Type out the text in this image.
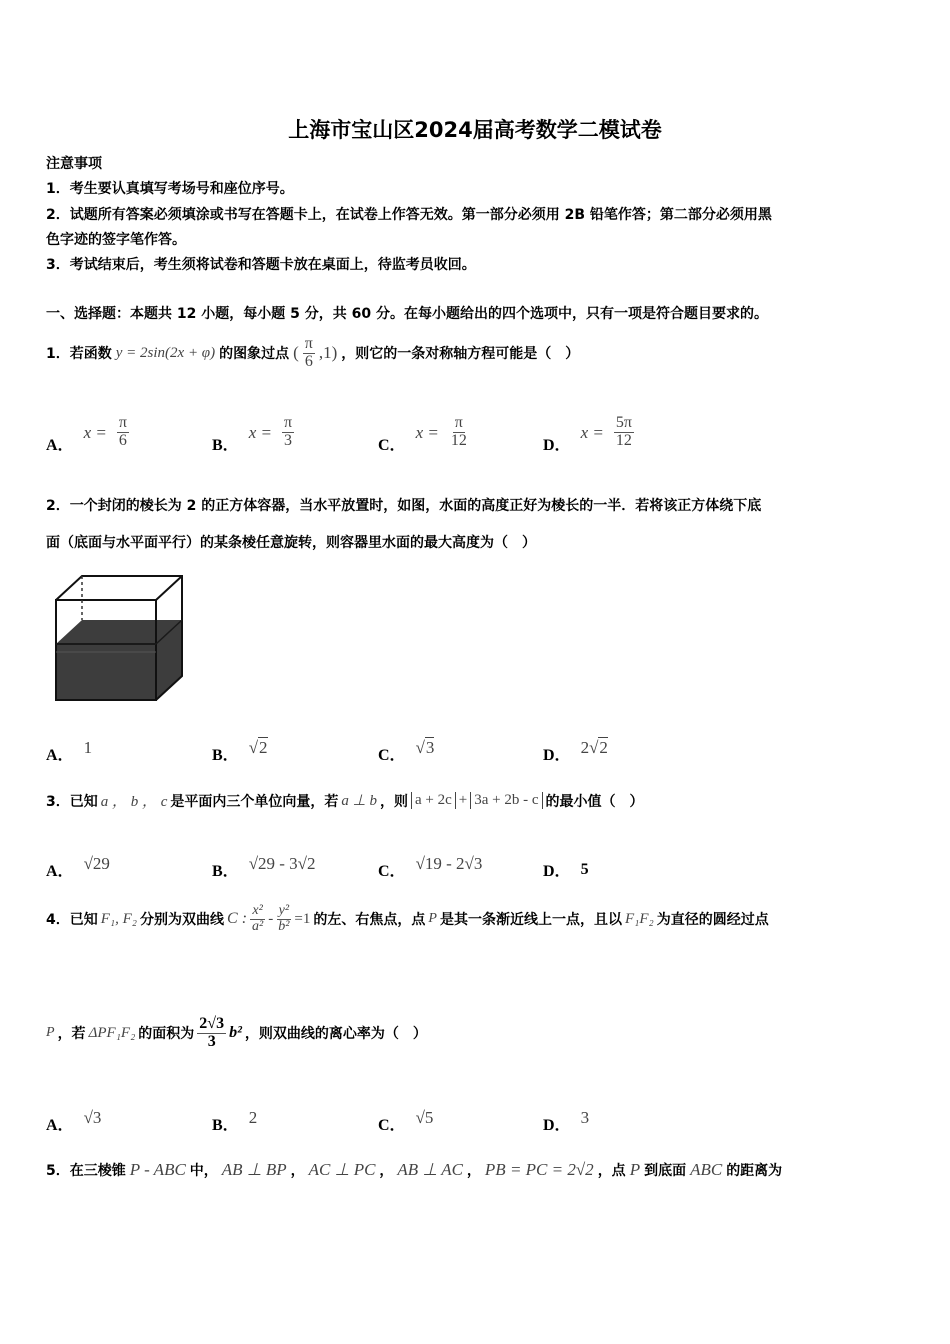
上海市宝山区2024届高考数学二模试卷
注意事项
1．考生要认真填写考场号和座位序号。
2．试题所有答案必须填涂或书写在答题卡上，在试卷上作答无效。第一部分必须用 2B 铅笔作答；第二部分必须用黑
色字迹的签字笔作答。
3．考试结束后，考生须将试卷和答题卡放在桌面上，待监考员收回。
一、选择题：本题共 12 小题，每小题 5 分，共 60 分。在每小题给出的四个选项中，只有一项是符合题目要求的。
1．若函数 y = 2sin(2x + φ) 的图象过点 ( $\frac{\pi}{6} ,1$) ，则它的一条对称轴方程可能是（　）
A．
$x = \frac{\pi}{6}$	B．
$x = \frac{\pi}{3}$	C．
$x = \frac{\pi}{12}$	D．
$x = \frac{5\pi}{12}$
2．一个封闭的棱长为 2 的正方体容器，当水平放置时，如图，水面的高度正好为棱长的一半．若将该正方体绕下底
面（底面与水平面平行）的某条棱任意旋转，则容器里水面的最大高度为（　）
A． 1	B． √2	C． √3	D． 2√2
3．已知 a ， b ， c 是平面内三个单位向量，若 a ⊥ b ，则 a + 2c + 3a + 2b - c 的最小值（　）
A． √29	B． √29 - 3√2	C． √19 - 2√3	D． 5
4．已知 F₁, F₂ 分别为双曲线 C : $\frac{\text{x²}}{\text{a²}} - \frac{\text{y²}}{\text{b²}} =1$ 的左、右焦点，点 P 是其一条渐近线上一点，且以 F₁F₂ 为直径的圆经过点
P ，若 ΔPF₁F₂ 的面积为 $\frac{2√3}{3} b^2$ ，则双曲线的离心率为（　）
A． √3	B． 2	C． √5	D． 3
5．在三棱锥 P - ABC 中， AB ⊥ BP ， AC ⊥ PC ， AB ⊥ AC ， PB = PC = 2√2 ，点 P 到底面 ABC 的距离为
